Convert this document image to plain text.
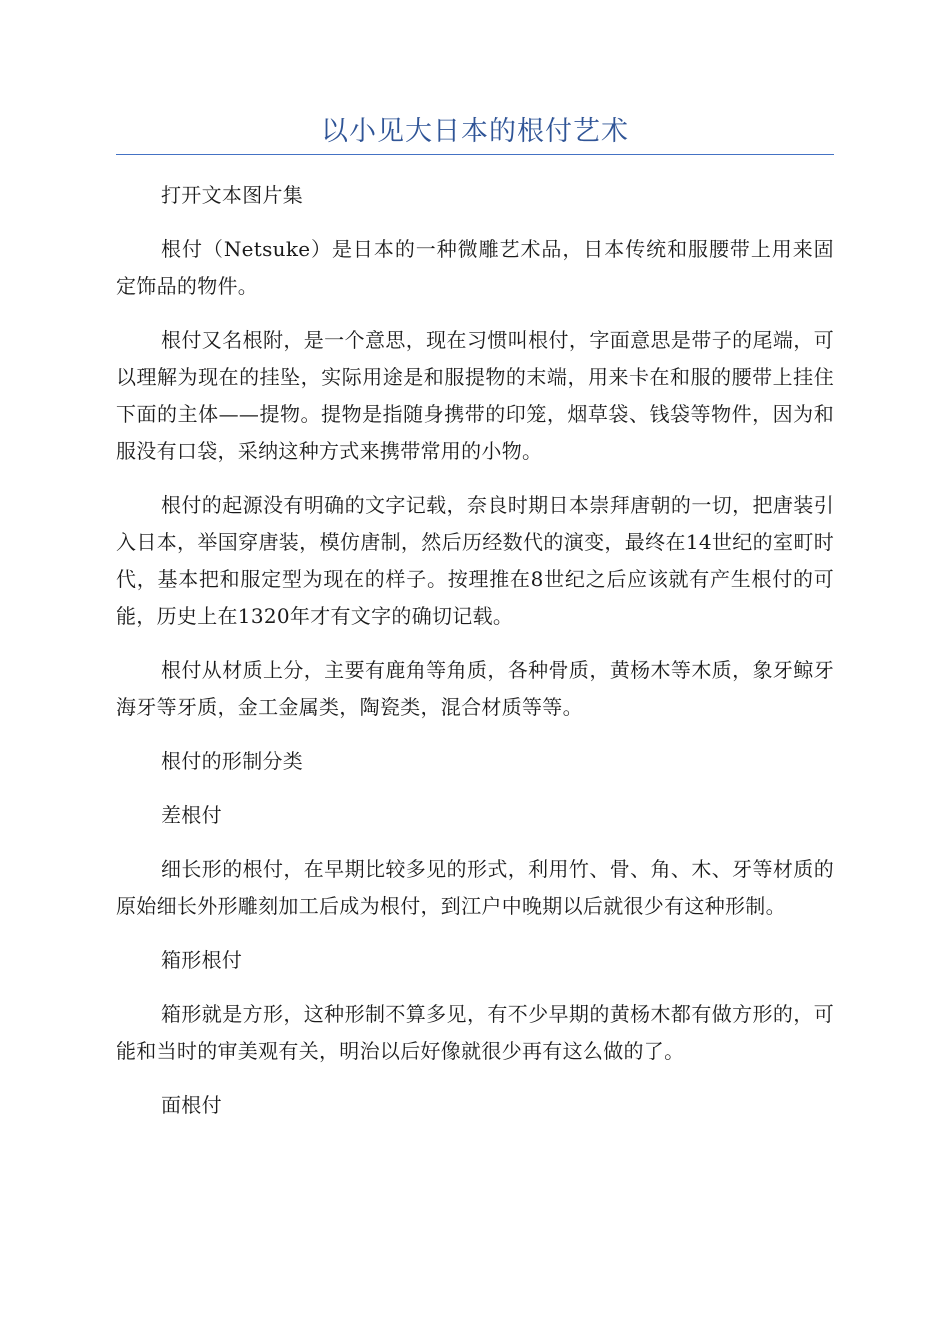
以小见大日本的根付艺术

打开文本图片集

根付（Netsuke）是日本的一种微雕艺术品，日本传统和服腰带上用来固定饰品的物件。

根付又名根附，是一个意思，现在习惯叫根付，字面意思是带子的尾端，可以理解为现在的挂坠，实际用途是和服提物的末端，用来卡在和服的腰带上挂住下面的主体——提物。提物是指随身携带的印笼，烟草袋、钱袋等物件，因为和服没有口袋，采纳这种方式来携带常用的小物。

根付的起源没有明确的文字记载，奈良时期日本崇拜唐朝的一切，把唐装引入日本，举国穿唐装，模仿唐制，然后历经数代的演变，最终在14世纪的室町时代，基本把和服定型为现在的样子。按理推在8世纪之后应该就有产生根付的可能，历史上在1320年才有文字的确切记载。

根付从材质上分，主要有鹿角等角质，各种骨质，黄杨木等木质，象牙鲸牙海牙等牙质，金工金属类，陶瓷类，混合材质等等。

根付的形制分类

差根付

细长形的根付，在早期比较多见的形式，利用竹、骨、角、木、牙等材质的原始细长外形雕刻加工后成为根付，到江户中晚期以后就很少有这种形制。

箱形根付

箱形就是方形，这种形制不算多见，有不少早期的黄杨木都有做方形的，可能和当时的审美观有关，明治以后好像就很少再有这么做的了。

面根付
